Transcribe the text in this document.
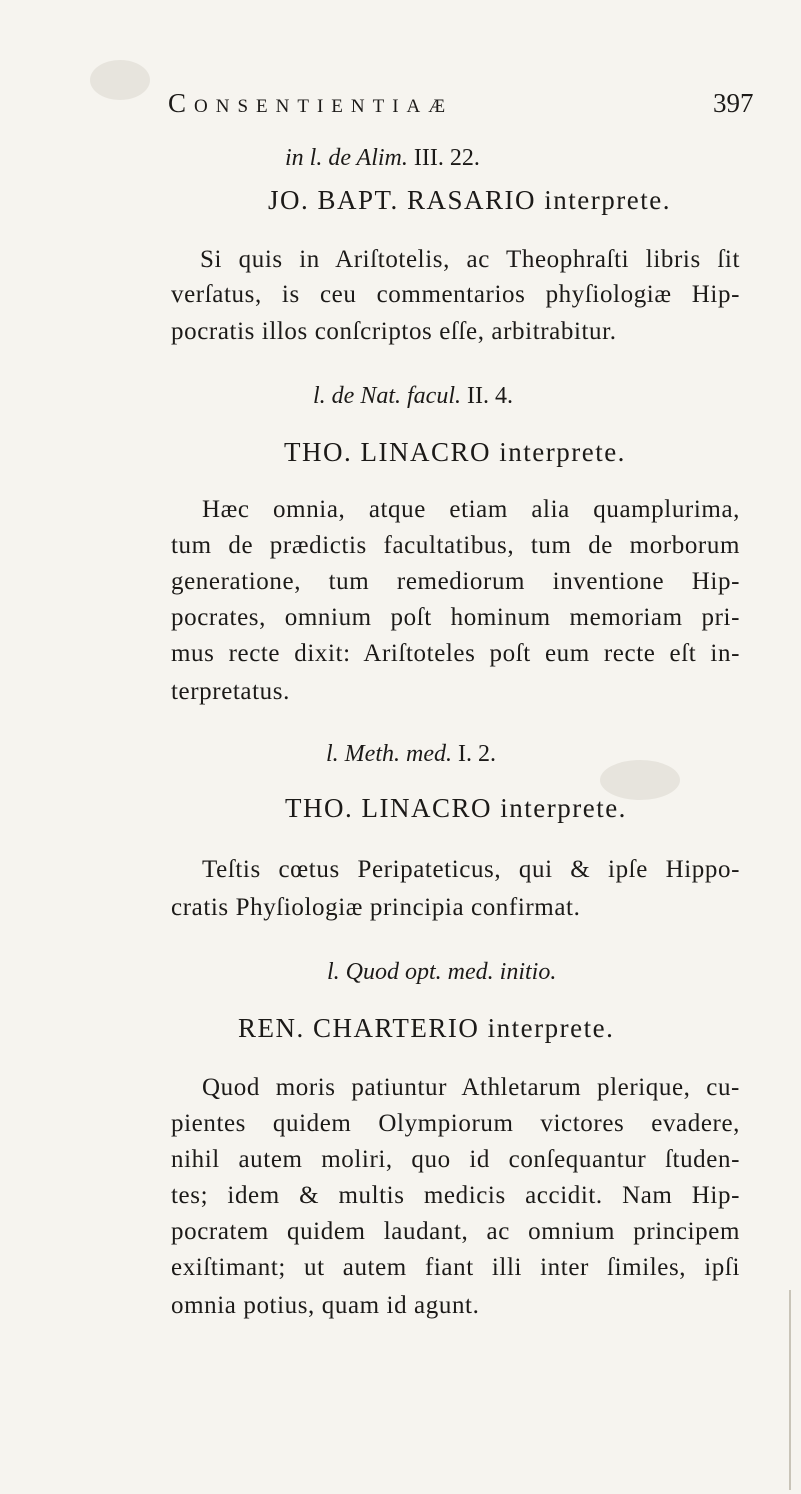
Consentientiaæ	397
in l. de Alim. III. 22.
JO. BAPT. RASARIO interprete.
Si quis in Ariſtotelis, ac Theophraſti libris ſit
verſatus, is ceu commentarios phyſiologiæ Hip-
pocratis illos conſcriptos eſſe, arbitrabitur.
l. de Nat. facul. II. 4.
THO. LINACRO interprete.
Hæc omnia, atque etiam alia quamplurima,
tum de prædictis facultatibus, tum de morborum
generatione, tum remediorum inventione Hip-
pocrates, omnium poſt hominum memoriam pri-
mus recte dixit: Ariſtoteles poſt eum recte eſt in-
terpretatus.
l. Meth. med. I. 2.
THO. LINACRO interprete.
Teſtis cœtus Peripateticus, qui & ipſe Hippo-
cratis Phyſiologiæ principia confirmat.
l. Quod opt. med. initio.
REN. CHARTERIO interprete.
Quod moris patiuntur Athletarum plerique, cu-
pientes quidem Olympiorum victores evadere,
nihil autem moliri, quo id conſequantur ſtuden-
tes; idem & multis medicis accidit. Nam Hip-
pocratem quidem laudant, ac omnium principem
exiſtimant; ut autem fiant illi inter ſimiles, ipſi
omnia potius, quam id agunt.
